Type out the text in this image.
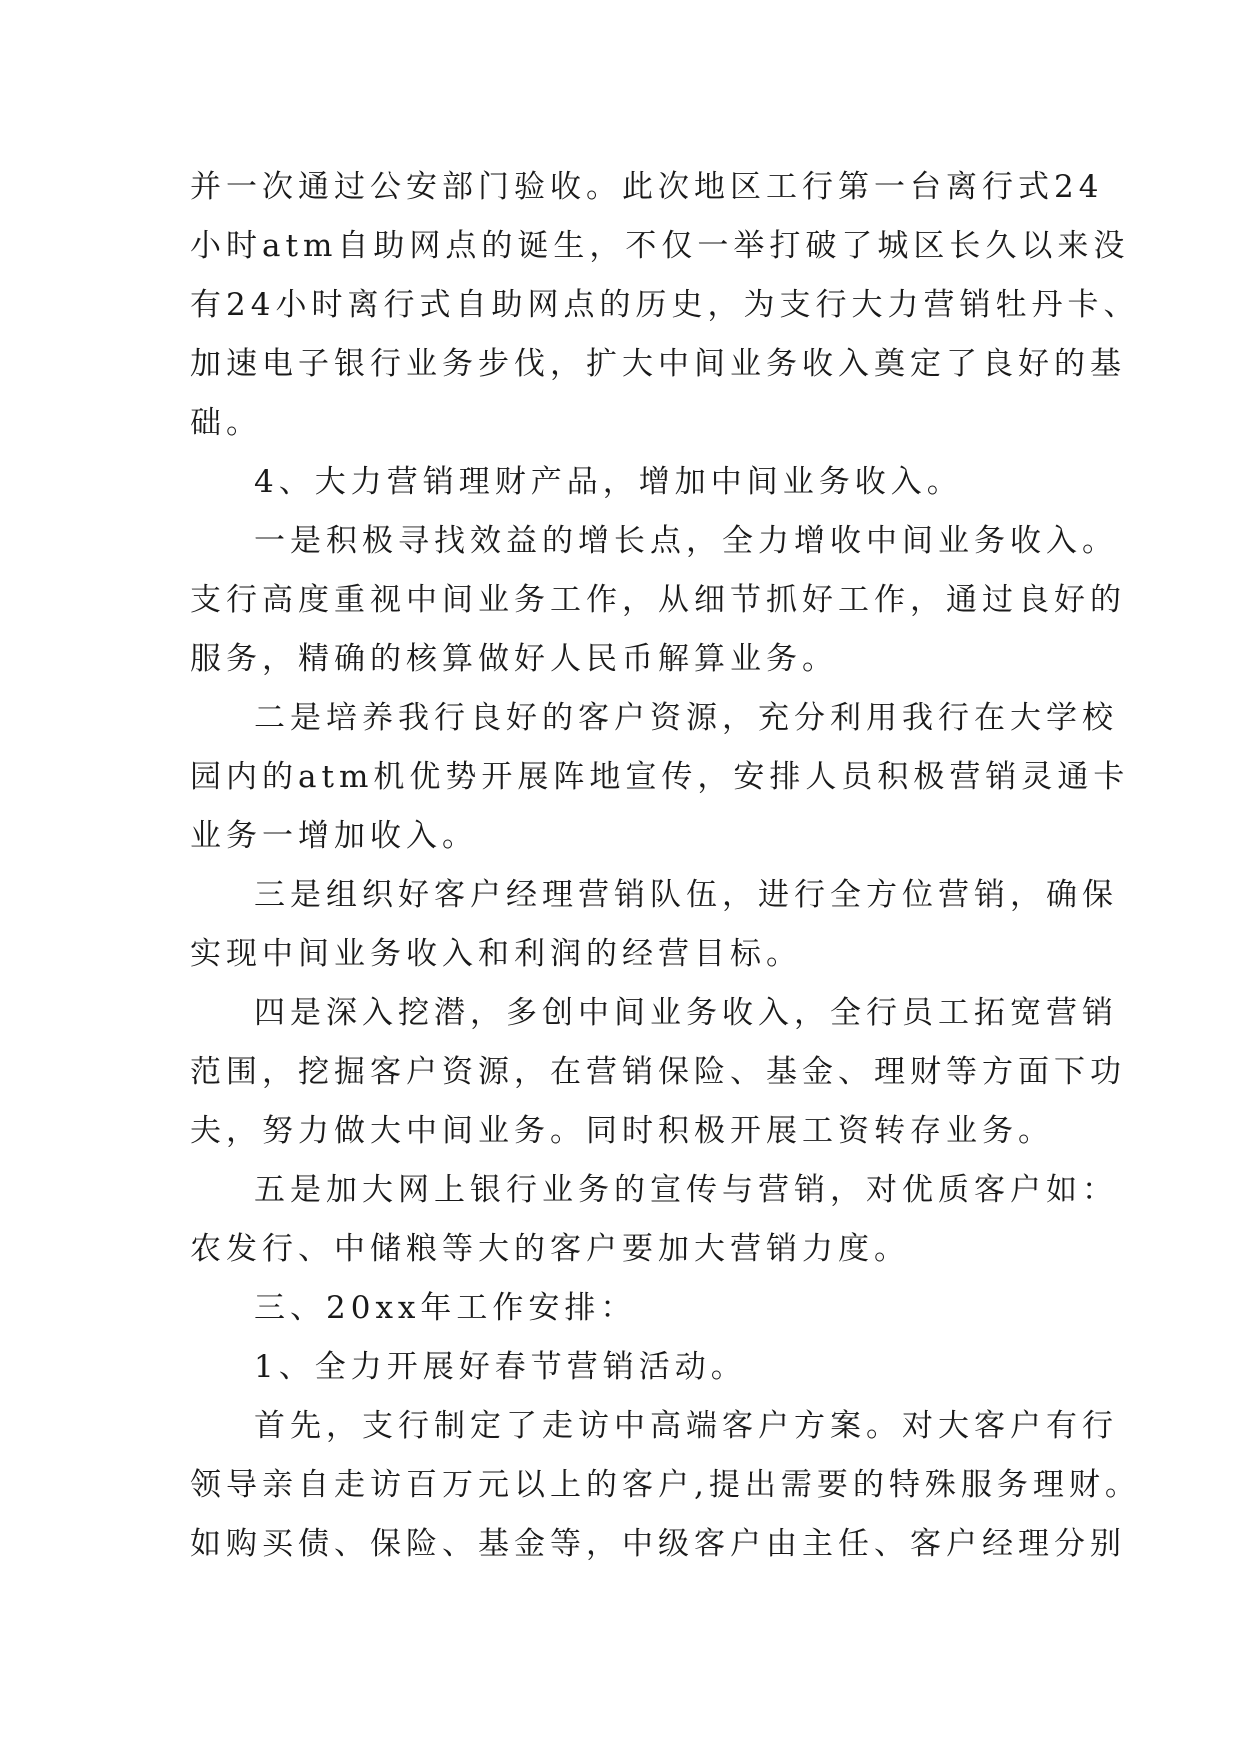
并一次通过公安部门验收。此次地区工行第一台离行式24
小时atm自助网点的诞生，不仅一举打破了城区长久以来没
有24小时离行式自助网点的历史，为支行大力营销牡丹卡、
加速电子银行业务步伐，扩大中间业务收入奠定了良好的基
础。
4、大力营销理财产品，增加中间业务收入。
一是积极寻找效益的增长点，全力增收中间业务收入。
支行高度重视中间业务工作，从细节抓好工作，通过良好的
服务，精确的核算做好人民币解算业务。
二是培养我行良好的客户资源，充分利用我行在大学校
园内的atm机优势开展阵地宣传，安排人员积极营销灵通卡
业务一增加收入。
三是组织好客户经理营销队伍，进行全方位营销，确保
实现中间业务收入和利润的经营目标。
四是深入挖潜，多创中间业务收入，全行员工拓宽营销
范围，挖掘客户资源，在营销保险、基金、理财等方面下功
夫，努力做大中间业务。同时积极开展工资转存业务。
五是加大网上银行业务的宣传与营销，对优质客户如：
农发行、中储粮等大的客户要加大营销力度。
三、20xx年工作安排：
1、全力开展好春节营销活动。
首先，支行制定了走访中高端客户方案。对大客户有行
领导亲自走访百万元以上的客户,提出需要的特殊服务理财。
如购买债、保险、基金等，中级客户由主任、客户经理分别
